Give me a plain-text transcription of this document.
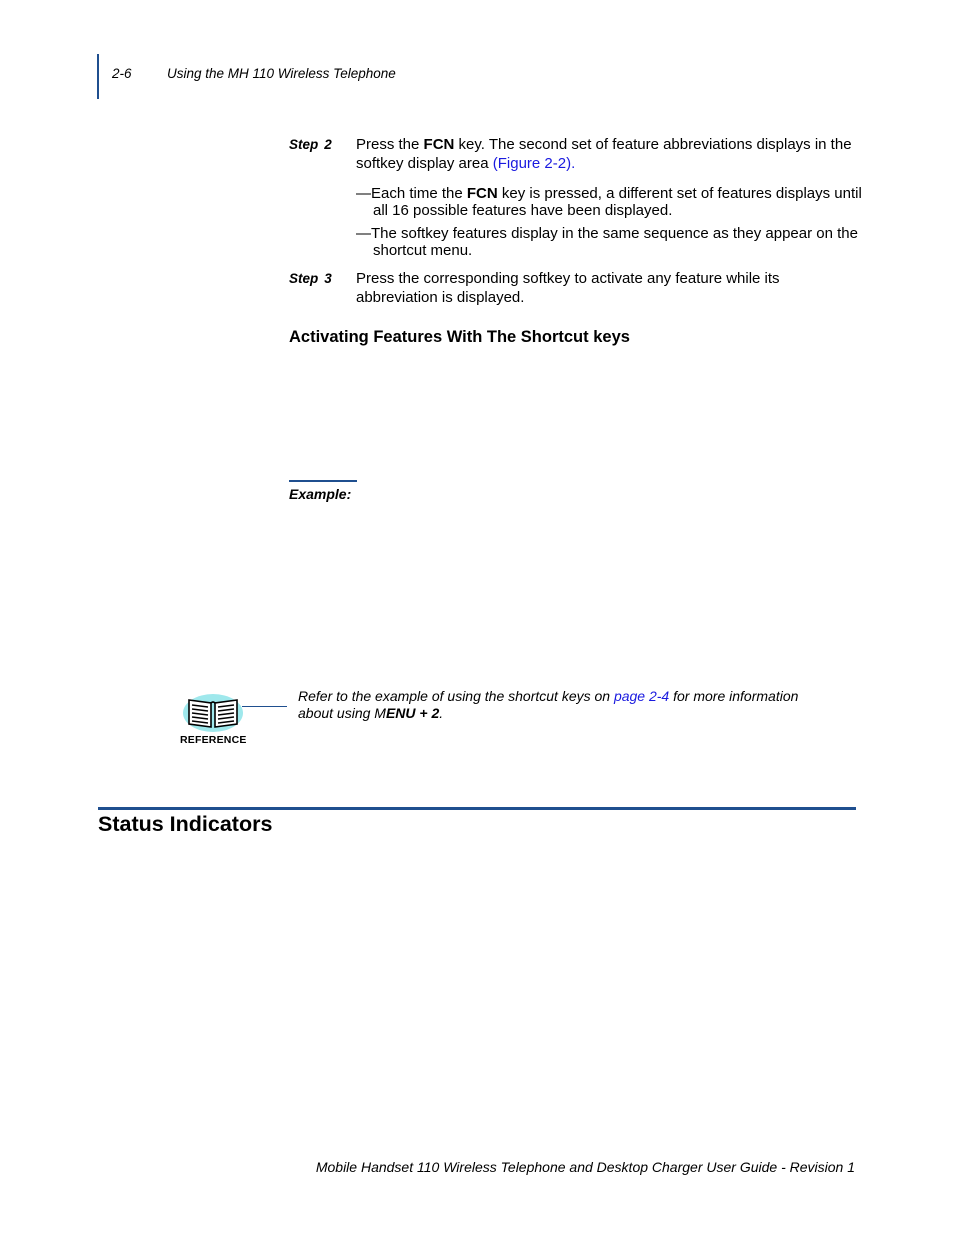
2-6	Using the MH 110 Wireless Telephone
Step 2 Press the FCN key. The second set of feature abbreviations displays in the softkey display area (Figure 2-2).
—Each time the FCN key is pressed, a different set of features displays until all 16 possible features have been displayed.
—The softkey features display in the same sequence as they appear on the shortcut menu.
Step 3 Press the corresponding softkey to activate any feature while its abbreviation is displayed.
Activating Features With The Shortcut keys
Example:
REFERENCE
Refer to the example of using the shortcut keys on page 2-4 for more information about using MENU + 2.
Status Indicators
Mobile Handset 110 Wireless Telephone and Desktop Charger User Guide - Revision 1
